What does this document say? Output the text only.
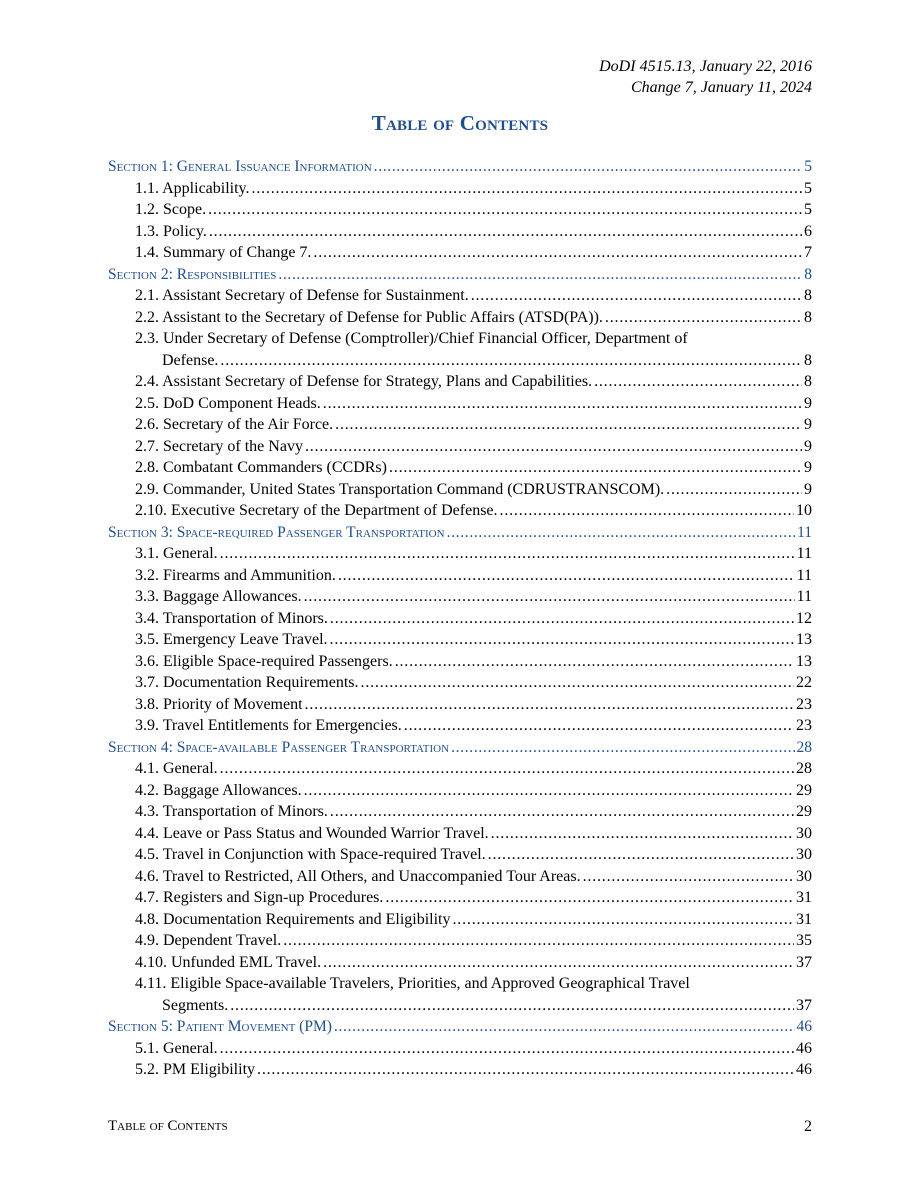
DoDI 4515.13, January 22, 2016
Change 7, January 11, 2024
Table of Contents
Section 1: General Issuance Information . . .	5
1.1. Applicability. . . .	5
1.2. Scope. . . .	5
1.3. Policy. . . .	6
1.4. Summary of Change 7. . . .	7
Section 2: Responsibilities . . .	8
2.1. Assistant Secretary of Defense for Sustainment. . . .	8
2.2. Assistant to the Secretary of Defense for Public Affairs (ATSD(PA)). . . .	8
2.3. Under Secretary of Defense (Comptroller)/Chief Financial Officer, Department of
Defense. . . .	8
2.4. Assistant Secretary of Defense for Strategy, Plans and Capabilities. . . .	8
2.5. DoD Component Heads. . . .	9
2.6. Secretary of the Air Force. . . .	9
2.7. Secretary of the Navy . . .	9
2.8. Combatant Commanders (CCDRs) . . .	9
2.9. Commander, United States Transportation Command (CDRUSTRANSCOM). . . .	9
2.10. Executive Secretary of the Department of Defense. . . .	10
Section 3: Space-required Passenger Transportation . . .	11
3.1. General. . . .	11
3.2. Firearms and Ammunition. . . .	11
3.3. Baggage Allowances. . . .	11
3.4. Transportation of Minors. . . .	12
3.5. Emergency Leave Travel. . . .	13
3.6. Eligible Space-required Passengers. . . .	13
3.7. Documentation Requirements. . . .	22
3.8. Priority of Movement . . .	23
3.9. Travel Entitlements for Emergencies. . . .	23
Section 4: Space-available Passenger Transportation . . .	28
4.1. General. . . .	28
4.2. Baggage Allowances. . . .	29
4.3. Transportation of Minors. . . .	29
4.4. Leave or Pass Status and Wounded Warrior Travel. . . .	30
4.5. Travel in Conjunction with Space-required Travel. . . .	30
4.6. Travel to Restricted, All Others, and Unaccompanied Tour Areas. . . .	30
4.7. Registers and Sign-up Procedures. . . .	31
4.8. Documentation Requirements and Eligibility . . .	31
4.9. Dependent Travel. . . .	35
4.10. Unfunded EML Travel. . . .	37
4.11. Eligible Space-available Travelers, Priorities, and Approved Geographical Travel
Segments. . . .	37
Section 5: Patient Movement (PM) . . .	46
5.1. General. . . .	46
5.2. PM Eligibility . . .	46
Table of Contents	2
